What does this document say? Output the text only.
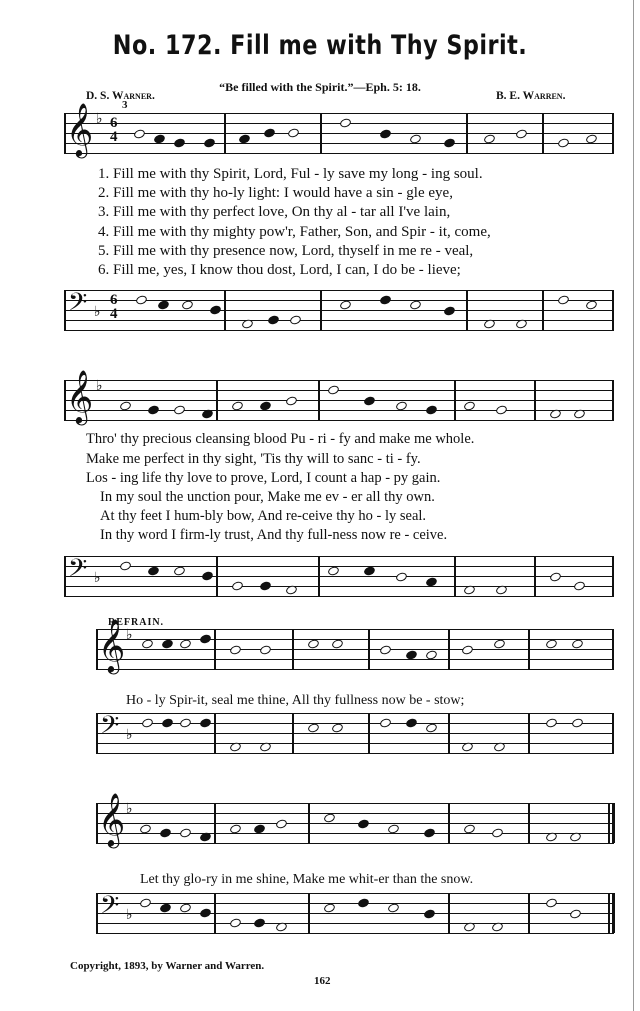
No. 172. Fill me with Thy Spirit.
“Be filled with the Spirit.”—Eph. 5: 18.
D. S. Warner.	B. E. Warren.
3
𝄞 ♭ 6
4
1. Fill me with thy Spirit, Lord, Ful - ly save my long - ing soul.
2. Fill me with thy ho-ly light: I would have a sin - gle eye,
3. Fill me with thy perfect love, On thy al - tar all I've lain,
4. Fill me with thy mighty pow'r, Father, Son, and Spir - it, come,
5. Fill me with thy presence now, Lord, thyself in me re - veal,
6. Fill me, yes, I know thou dost, Lord, I can, I do be - lieve;
𝄢 ♭
6
4
𝄞 ♭
Thro' thy precious cleansing blood Pu - ri - fy and make me whole.
Make me perfect in thy sight, 'Tis thy will to sanc - ti - fy.
Los - ing life thy love to prove, Lord, I count a hap - py gain.
In my soul the unction pour, Make me ev - er all thy own.
At thy feet I hum-bly bow, And re-ceive thy ho - ly seal.
In thy word I firm-ly trust, And thy full-ness now re - ceive.
𝄢 ♭
REFRAIN.
𝄞 ♭
Ho - ly Spir-it, seal me thine, All thy fullness now be - stow;
𝄢 ♭
𝄞 ♭
Let thy glo-ry in me shine, Make me whit-er than the snow.
𝄢 ♭
Copyright, 1893, by Warner and Warren.
162
